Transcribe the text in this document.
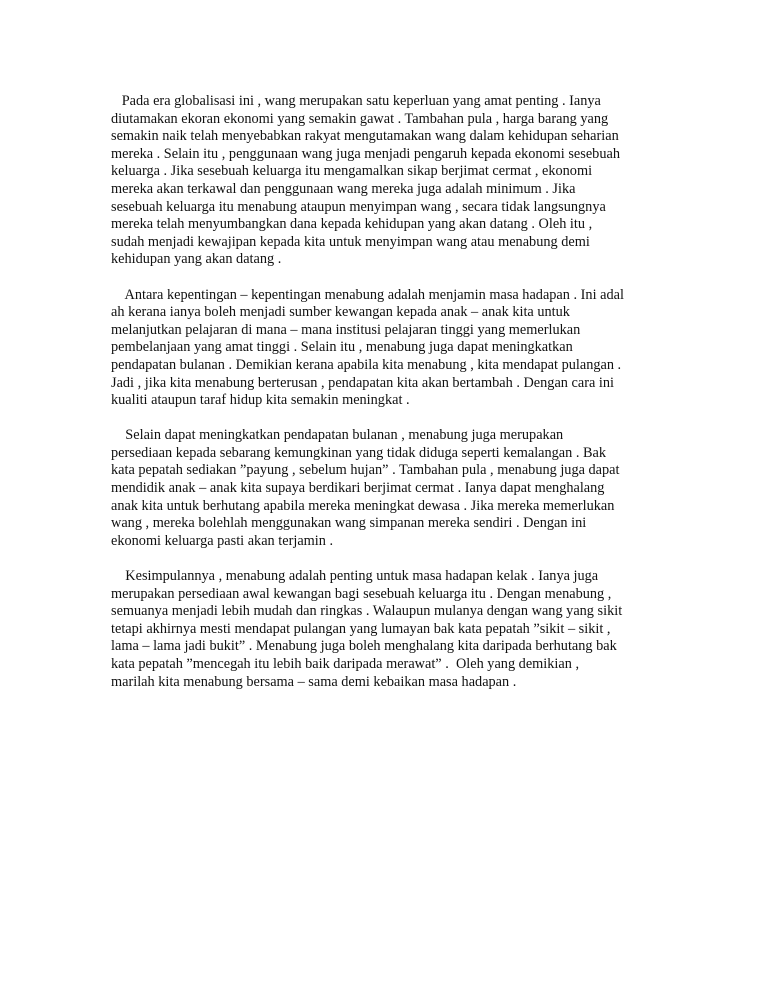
Pada era globalisasi ini , wang merupakan satu keperluan yang amat penting . Ianya
diutamakan ekoran ekonomi yang semakin gawat . Tambahan pula , harga barang yang
semakin naik telah menyebabkan rakyat mengutamakan wang dalam kehidupan seharian
mereka . Selain itu , penggunaan wang juga menjadi pengaruh kepada ekonomi sesebuah
keluarga . Jika sesebuah keluarga itu mengamalkan sikap berjimat cermat , ekonomi
mereka akan terkawal dan penggunaan wang mereka juga adalah minimum . Jika
sesebuah keluarga itu menabung ataupun menyimpan wang , secara tidak langsungnya
mereka telah menyumbangkan dana kepada kehidupan yang akan datang . Oleh itu ,
sudah menjadi kewajipan kepada kita untuk menyimpan wang atau menabung demi
kehidupan yang akan datang .
Antara kepentingan – kepentingan menabung adalah menjamin masa hadapan . Ini adal
ah kerana ianya boleh menjadi sumber kewangan kepada anak – anak kita untuk
melanjutkan pelajaran di mana – mana institusi pelajaran tinggi yang memerlukan
pembelanjaan yang amat tinggi . Selain itu , menabung juga dapat meningkatkan
pendapatan bulanan . Demikian kerana apabila kita menabung , kita mendapat pulangan .
Jadi , jika kita menabung berterusan , pendapatan kita akan bertambah . Dengan cara ini
kualiti ataupun taraf hidup kita semakin meningkat .
Selain dapat meningkatkan pendapatan bulanan , menabung juga merupakan
persediaan kepada sebarang kemungkinan yang tidak diduga seperti kemalangan . Bak
kata pepatah sediakan ”payung , sebelum hujan” . Tambahan pula , menabung juga dapat
mendidik anak – anak kita supaya berdikari berjimat cermat . Ianya dapat menghalang
anak kita untuk berhutang apabila mereka meningkat dewasa . Jika mereka memerlukan
wang , mereka bolehlah menggunakan wang simpanan mereka sendiri . Dengan ini
ekonomi keluarga pasti akan terjamin .
Kesimpulannya , menabung adalah penting untuk masa hadapan kelak . Ianya juga
merupakan persediaan awal kewangan bagi sesebuah keluarga itu . Dengan menabung ,
semuanya menjadi lebih mudah dan ringkas . Walaupun mulanya dengan wang yang sikit
tetapi akhirnya mesti mendapat pulangan yang lumayan bak kata pepatah ”sikit – sikit ,
lama – lama jadi bukit” . Menabung juga boleh menghalang kita daripada berhutang bak
kata pepatah ”mencegah itu lebih baik daripada merawat” .  Oleh yang demikian ,
marilah kita menabung bersama – sama demi kebaikan masa hadapan .
